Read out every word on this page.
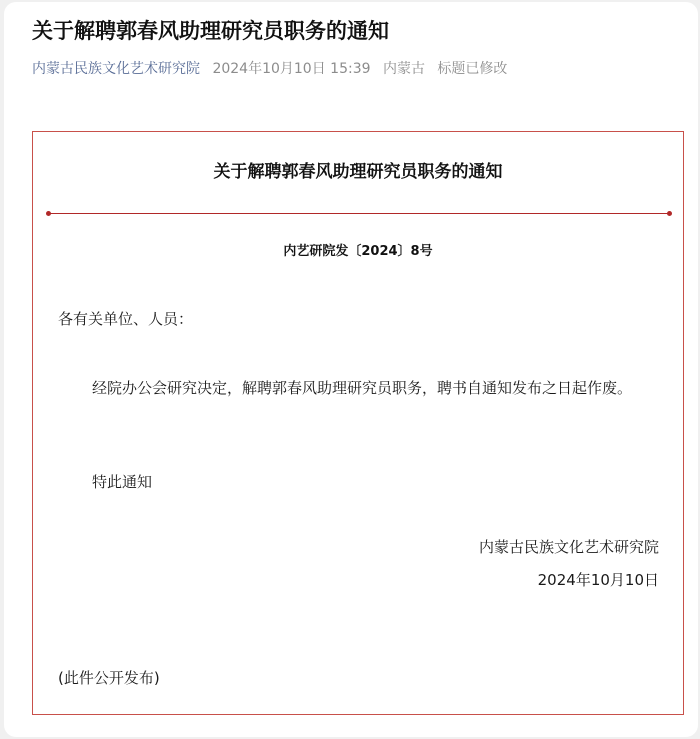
关于解聘郭春风助理研究员职务的通知
内蒙古民族文化艺术研究院 2024年10月10日 15:39 内蒙古 标题已修改
关于解聘郭春风助理研究员职务的通知
内艺研院发〔2024〕8号
各有关单位、人员：
经院办公会研究决定，解聘郭春风助理研究员职务，聘书自通知发布之日起作废。
特此通知
内蒙古民族文化艺术研究院
2024年10月10日
(此件公开发布)
